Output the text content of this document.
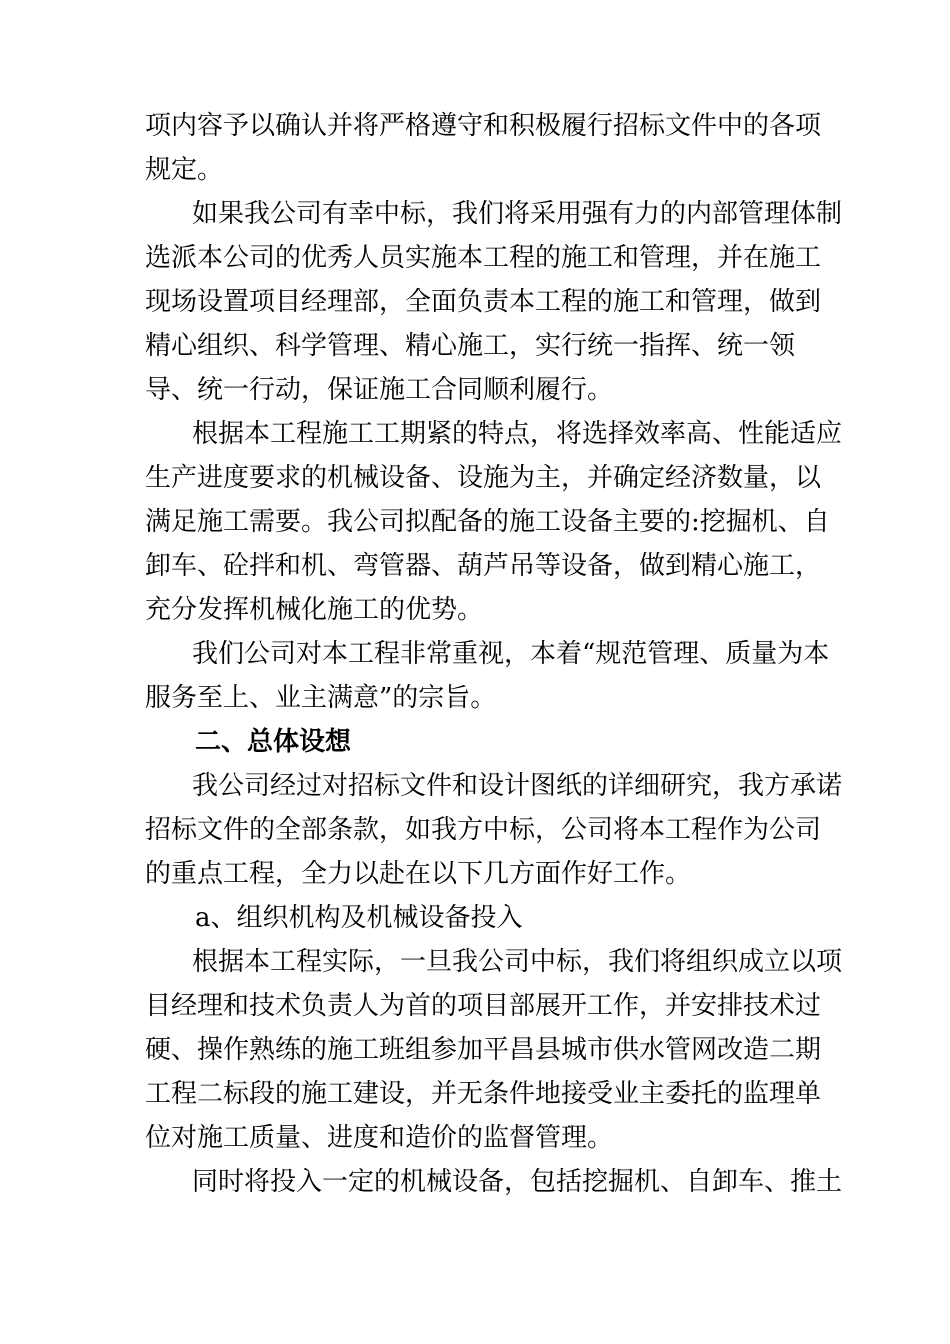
项内容予以确认并将严格遵守和积极履行招标文件中的各项规定。

如果我公司有幸中标，我们将采用强有力的内部管理体制选派本公司的优秀人员实施本工程的施工和管理，并在施工现场设置项目经理部，全面负责本工程的施工和管理，做到精心组织、科学管理、精心施工，实行统一指挥、统一领导、统一行动，保证施工合同顺利履行。

根据本工程施工工期紧的特点，将选择效率高、性能适应生产进度要求的机械设备、设施为主，并确定经济数量，以满足施工需要。我公司拟配备的施工设备主要的:挖掘机、自卸车、砼拌和机、弯管器、葫芦吊等设备，做到精心施工，充分发挥机械化施工的优势。

我们公司对本工程非常重视，本着“规范管理、质量为本服务至上、业主满意”的宗旨。

二、总体设想

我公司经过对招标文件和设计图纸的详细研究，我方承诺招标文件的全部条款，如我方中标，公司将本工程作为公司的重点工程，全力以赴在以下几方面作好工作。

a、组织机构及机械设备投入

根据本工程实际，一旦我公司中标，我们将组织成立以项目经理和技术负责人为首的项目部展开工作，并安排技术过硬、操作熟练的施工班组参加平昌县城市供水管网改造二期工程二标段的施工建设，并无条件地接受业主委托的监理单位对施工质量、进度和造价的监督管理。

同时将投入一定的机械设备，包括挖掘机、自卸车、推土
